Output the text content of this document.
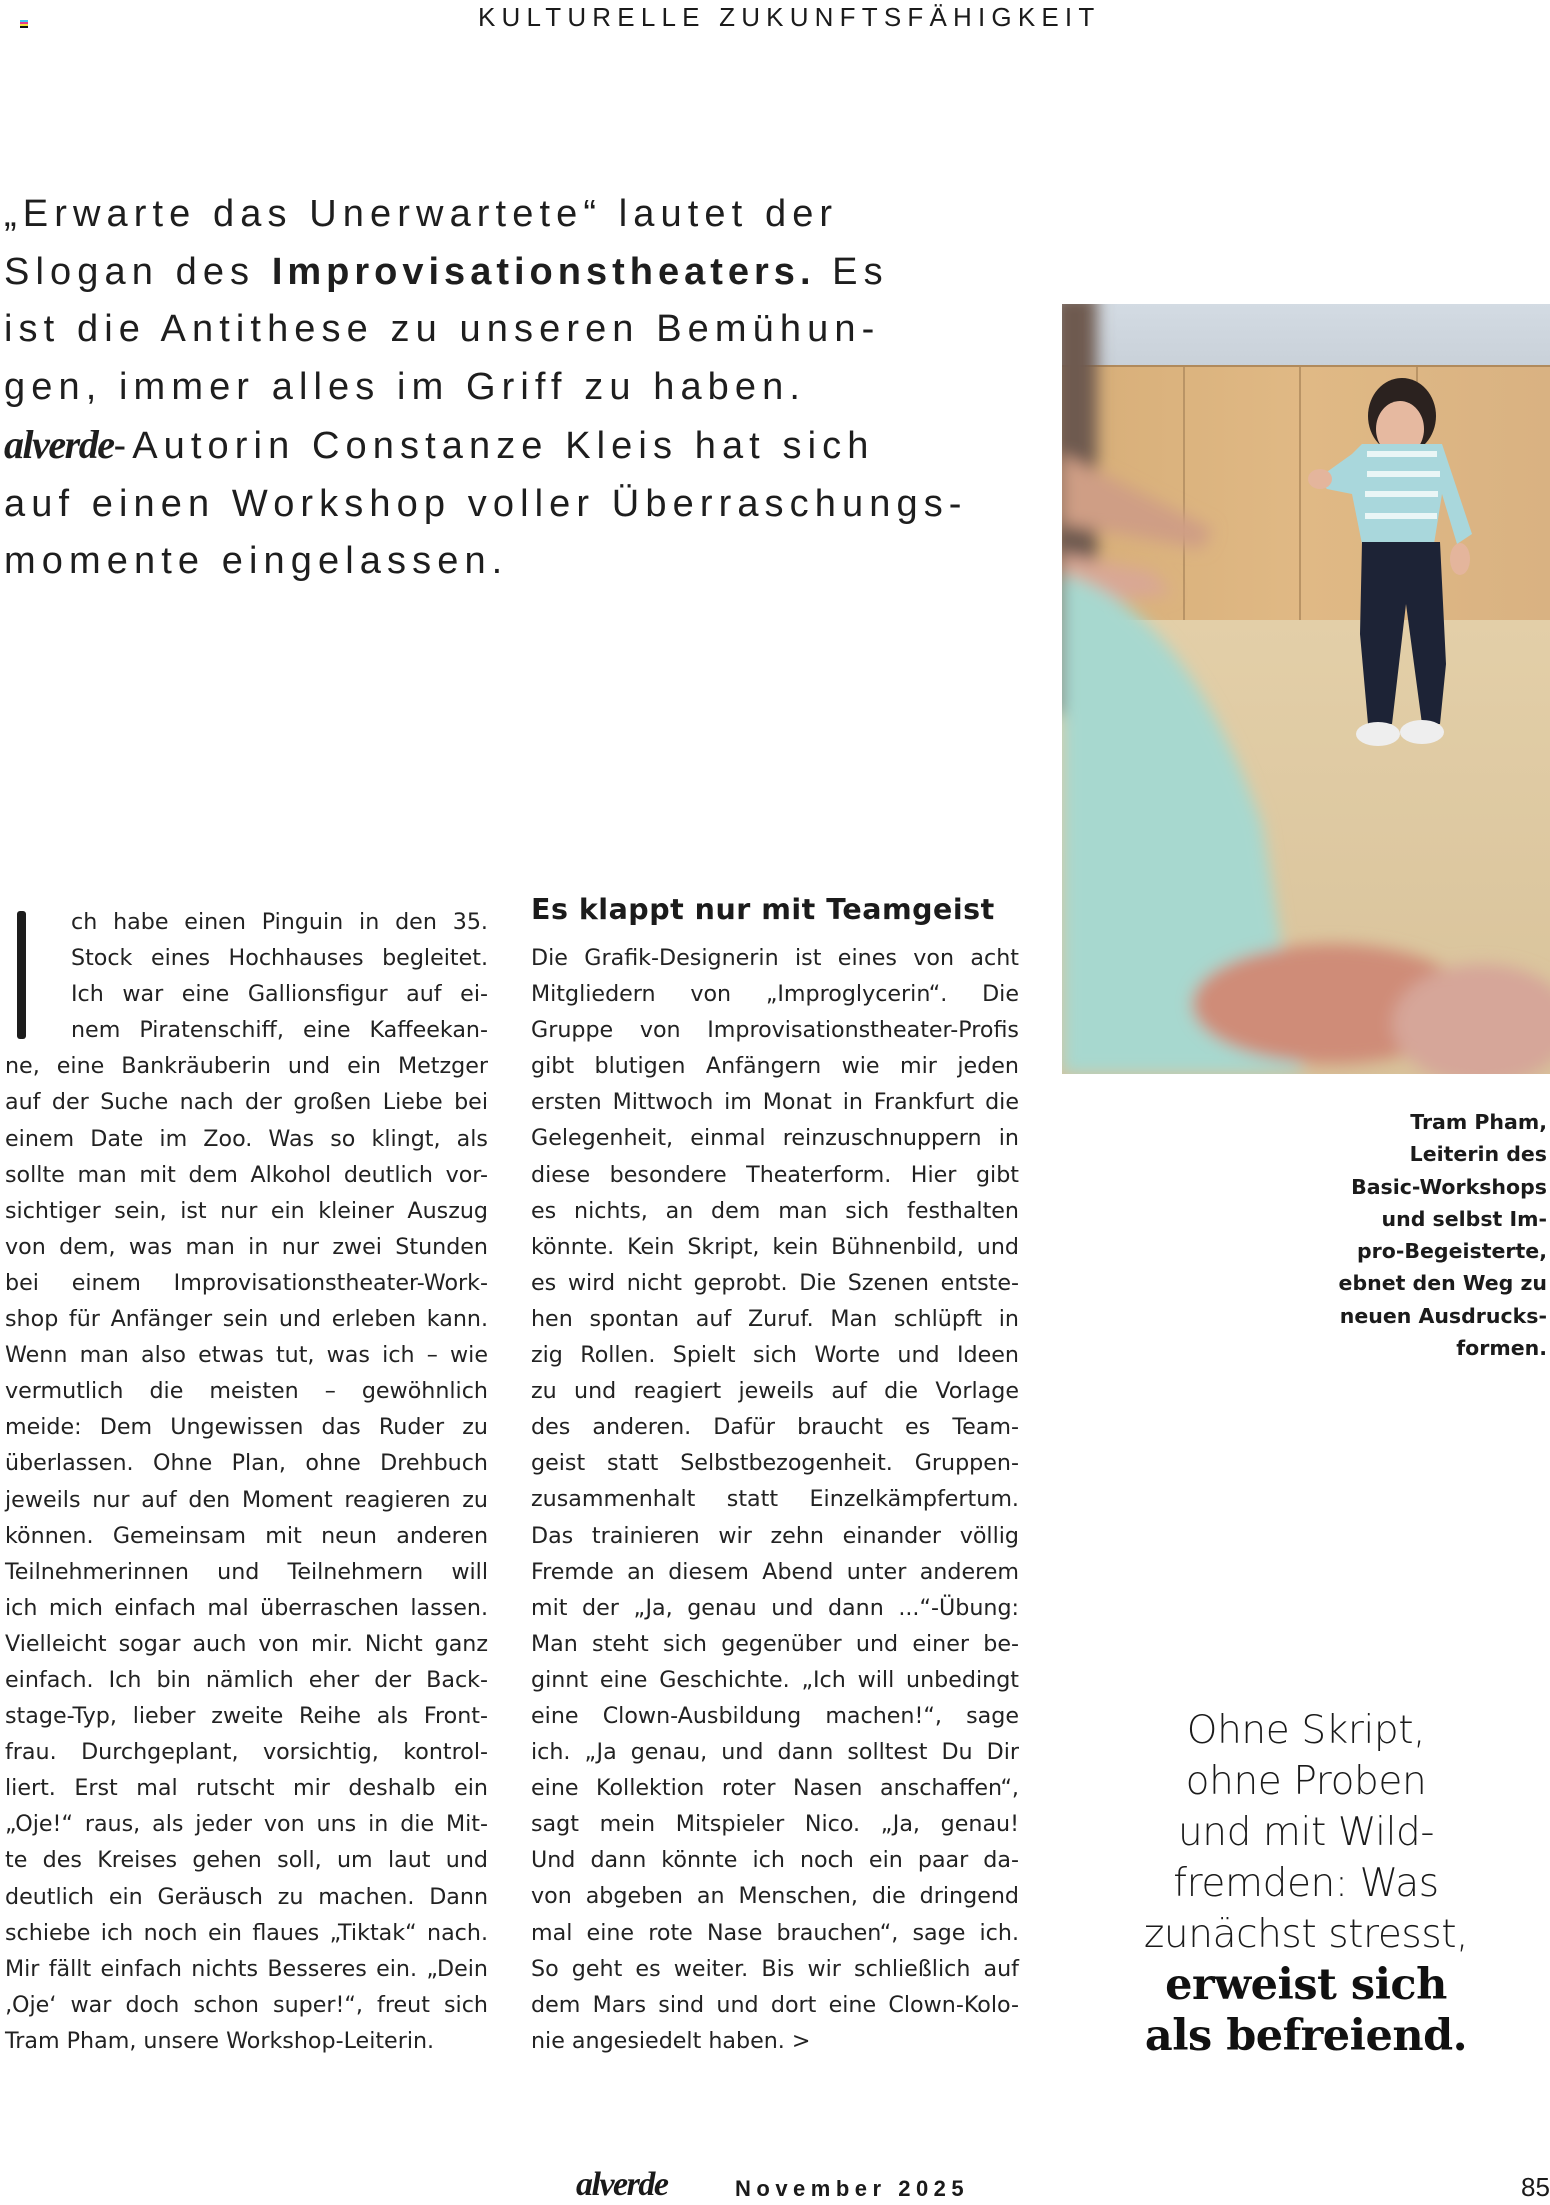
KULTURELLE ZUKUNFTSFÄHIGKEIT
„Erwarte das Unerwartete“ lautet der
Slogan des Improvisationstheaters. Es
ist die Antithese zu unseren Bemühun-
gen, immer alles im Griff zu haben.
alverde-Autorin Constanze Kleis hat sich
auf einen Workshop voller Überraschungs-
momente eingelassen.
Tram Pham,
Leiterin des
Basic-Workshops
und selbst Im-
pro-Begeisterte,
ebnet den Weg zu
neuen Ausdrucks-
formen.
ch habe einen Pinguin in den 35.
Stock eines Hochhauses begleitet.
Ich war eine Gallionsfigur auf ei-
nem Piratenschiff, eine Kaffeekan-
ne, eine Bankräuberin und ein Metzger
auf der Suche nach der großen Liebe bei
einem Date im Zoo. Was so klingt, als
sollte man mit dem Alkohol deutlich vor-
sichtiger sein, ist nur ein kleiner Auszug
von dem, was man in nur zwei Stunden
bei einem Improvisationstheater-Work-
shop für Anfänger sein und erleben kann.
Wenn man also etwas tut, was ich – wie
vermutlich die meisten – gewöhnlich
meide: Dem Ungewissen das Ruder zu
überlassen. Ohne Plan, ohne Drehbuch
jeweils nur auf den Moment reagieren zu
können. Gemeinsam mit neun anderen
Teilnehmerinnen und Teilnehmern will
ich mich einfach mal überraschen lassen.
Vielleicht sogar auch von mir. Nicht ganz
einfach. Ich bin nämlich eher der Back-
stage-Typ, lieber zweite Reihe als Front-
frau. Durchgeplant, vorsichtig, kontrol-
liert. Erst mal rutscht mir deshalb ein
„Oje!“ raus, als jeder von uns in die Mit-
te des Kreises gehen soll, um laut und
deutlich ein Geräusch zu machen. Dann
schiebe ich noch ein flaues „Tiktak“ nach.
Mir fällt einfach nichts Besseres ein. „Dein
‚Oje‘ war doch schon super!“, freut sich
Tram Pham, unsere Workshop-Leiterin.
Es klappt nur mit Teamgeist
Die Grafik-Designerin ist eines von acht
Mitgliedern von „Improglycerin“. Die
Gruppe von Improvisationstheater-Profis
gibt blutigen Anfängern wie mir jeden
ersten Mittwoch im Monat in Frankfurt die
Gelegenheit, einmal reinzuschnuppern in
diese besondere Theaterform. Hier gibt
es nichts, an dem man sich festhalten
könnte. Kein Skript, kein Bühnenbild, und
es wird nicht geprobt. Die Szenen entste-
hen spontan auf Zuruf. Man schlüpft in
zig Rollen. Spielt sich Worte und Ideen
zu und reagiert jeweils auf die Vorlage
des anderen. Dafür braucht es Team-
geist statt Selbstbezogenheit. Gruppen-
zusammenhalt statt Einzelkämpfertum.
Das trainieren wir zehn einander völlig
Fremde an diesem Abend unter anderem
mit der „Ja, genau und dann ...“-Übung:
Man steht sich gegenüber und einer be-
ginnt eine Geschichte. „Ich will unbedingt
eine Clown-Ausbildung machen!“, sage
ich. „Ja genau, und dann solltest Du Dir
eine Kollektion roter Nasen anschaffen“,
sagt mein Mitspieler Nico. „Ja, genau!
Und dann könnte ich noch ein paar da-
von abgeben an Menschen, die dringend
mal eine rote Nase brauchen“, sage ich.
So geht es weiter. Bis wir schließlich auf
dem Mars sind und dort eine Clown-Kolo-
nie angesiedelt haben. >
Ohne Skript,
ohne Proben
und mit Wild-
fremden: Was
zunächst stresst,
erweist sich
als befreiend.
alverde	November 2025	85
